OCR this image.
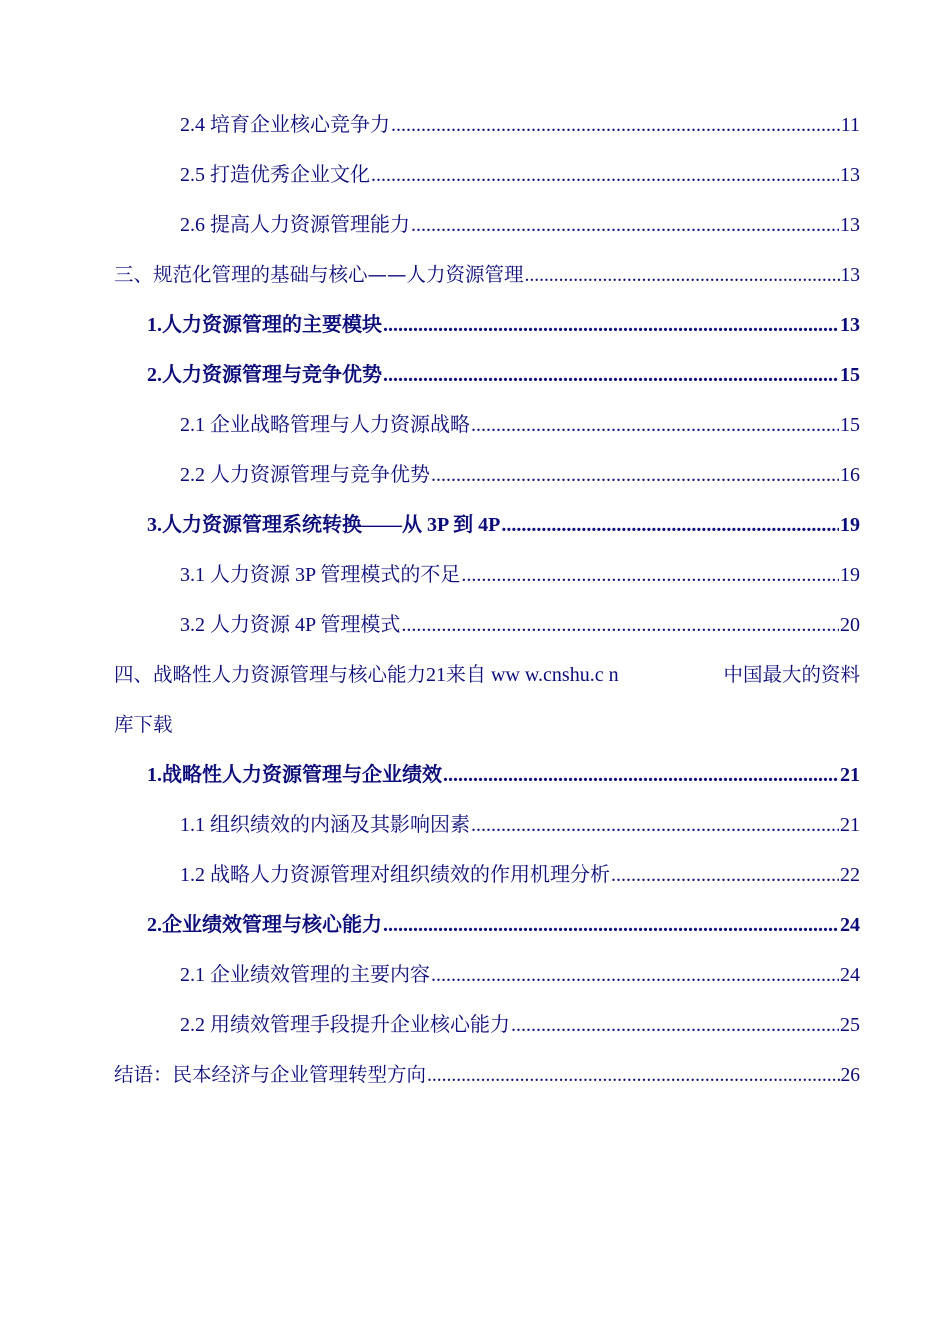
2.4 培育企业核心竞争力 .....	11
2.5 打造优秀企业文化 .....	13
2.6 提高人力资源管理能力 .....	13
三、规范化管理的基础与核心——人力资源管理 .....	13
1.人力资源管理的主要模块 .....	13
2.人力资源管理与竞争优势 .....	15
2.1 企业战略管理与人力资源战略 .....	15
2.2 人力资源管理与竞争优势 .....	16
3.人力资源管理系统转换——从 3P 到 4P .....	19
3.1 人力资源 3P 管理模式的不足 .....	19
3.2 人力资源 4P 管理模式 .....	20
四、战略性人力资源管理与核心能力21来自 ww w.cnshu.c n	中国最大的资料
库下载
1.战略性人力资源管理与企业绩效 .....	21
1.1 组织绩效的内涵及其影响因素 .....	21
1.2 战略人力资源管理对组织绩效的作用机理分析 .....	22
2.企业绩效管理与核心能力 .....	24
2.1 企业绩效管理的主要内容 .....	24
2.2 用绩效管理手段提升企业核心能力 .....	25
结语：民本经济与企业管理转型方向 .....	26
